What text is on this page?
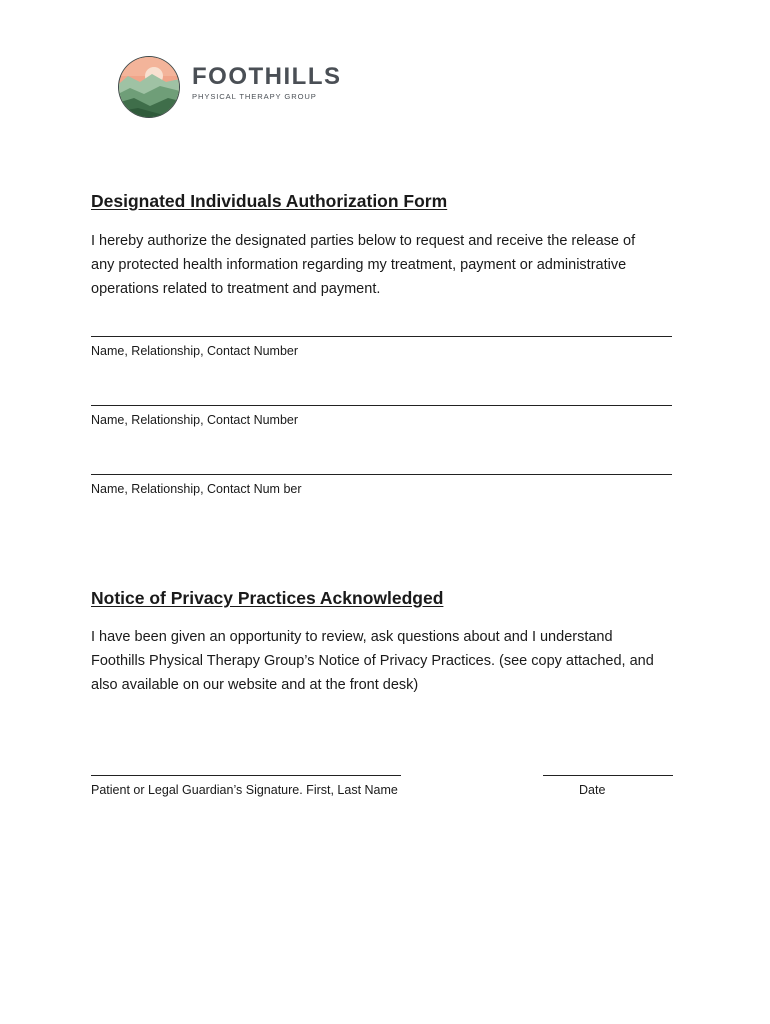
FOOTHILLS
PHYSICAL THERAPY GROUP
Designated Individuals Authorization Form
I hereby authorize the designated parties below to request and receive the release of
any protected health information regarding my treatment, payment or administrative
operations related to treatment and payment.
Name, Relationship, Contact Number
Name, Relationship, Contact Number
Name, Relationship, Contact Num ber
Notice of Privacy Practices Acknowledged
I have been given an opportunity to review, ask questions about and I understand
Foothills Physical Therapy Group’s Notice of Privacy Practices. (see copy attached, and
also available on our website and at the front desk)
Patient or Legal Guardian’s Signature. First, Last Name	Date
